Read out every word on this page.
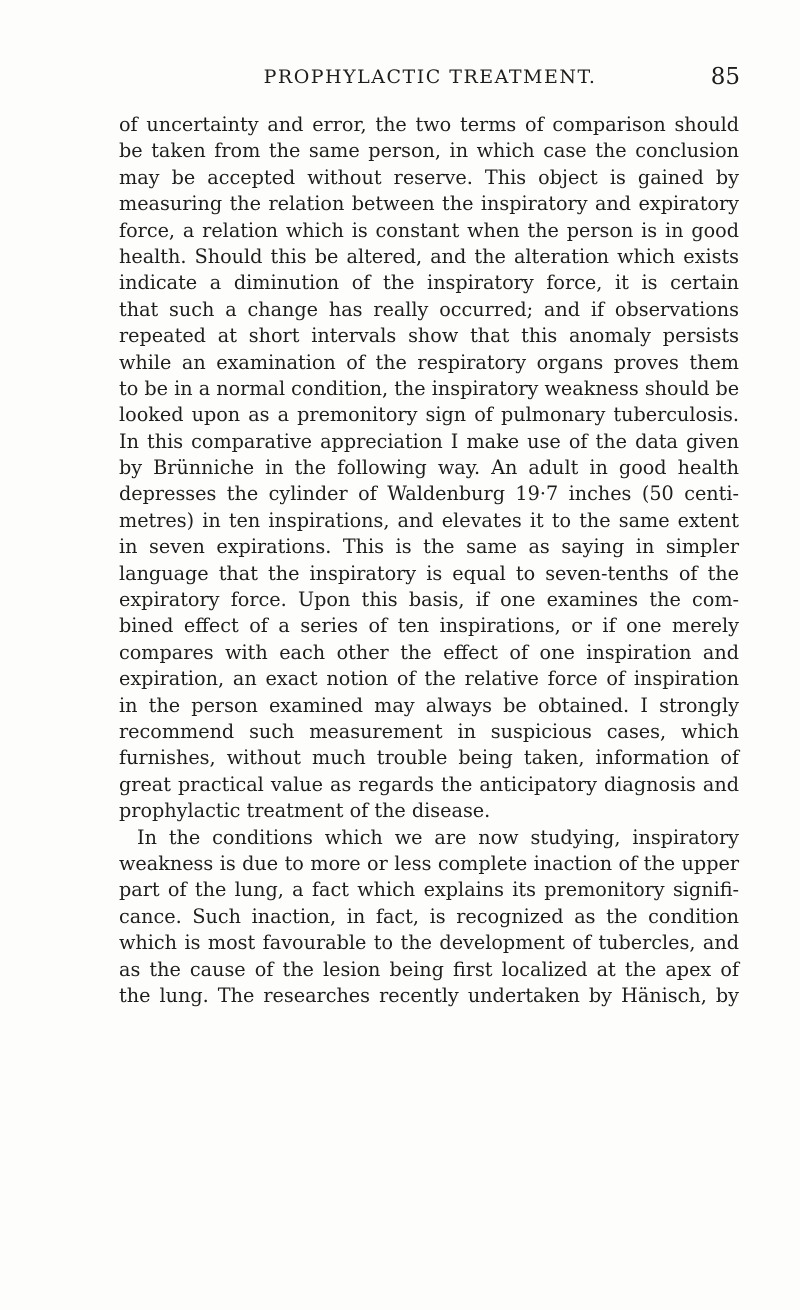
PROPHYLACTIC TREATMENT.	85
of uncertainty and error, the two terms of comparison should
be taken from the same person, in which case the conclusion
may be accepted without reserve. This object is gained by
measuring the relation between the inspiratory and expiratory
force, a relation which is constant when the person is in good
health. Should this be altered, and the alteration which exists
indicate a diminution of the inspiratory force, it is certain
that such a change has really occurred; and if observations
repeated at short intervals show that this anomaly persists
while an examination of the respiratory organs proves them
to be in a normal condition, the inspiratory weakness should be
looked upon as a premonitory sign of pulmonary tuberculosis.
In this comparative appreciation I make use of the data given
by Brünniche in the following way. An adult in good health
depresses the cylinder of Waldenburg 19·7 inches (50 centi-
metres) in ten inspirations, and elevates it to the same extent
in seven expirations. This is the same as saying in simpler
language that the inspiratory is equal to seven-tenths of the
expiratory force. Upon this basis, if one examines the com-
bined effect of a series of ten inspirations, or if one merely
compares with each other the effect of one inspiration and
expiration, an exact notion of the relative force of inspiration
in the person examined may always be obtained. I strongly
recommend such measurement in suspicious cases, which
furnishes, without much trouble being taken, information of
great practical value as regards the anticipatory diagnosis and
prophylactic treatment of the disease.
In the conditions which we are now studying, inspiratory
weakness is due to more or less complete inaction of the upper
part of the lung, a fact which explains its premonitory signifi-
cance. Such inaction, in fact, is recognized as the condition
which is most favourable to the development of tubercles, and
as the cause of the lesion being first localized at the apex of
the lung. The researches recently undertaken by Hänisch, by
